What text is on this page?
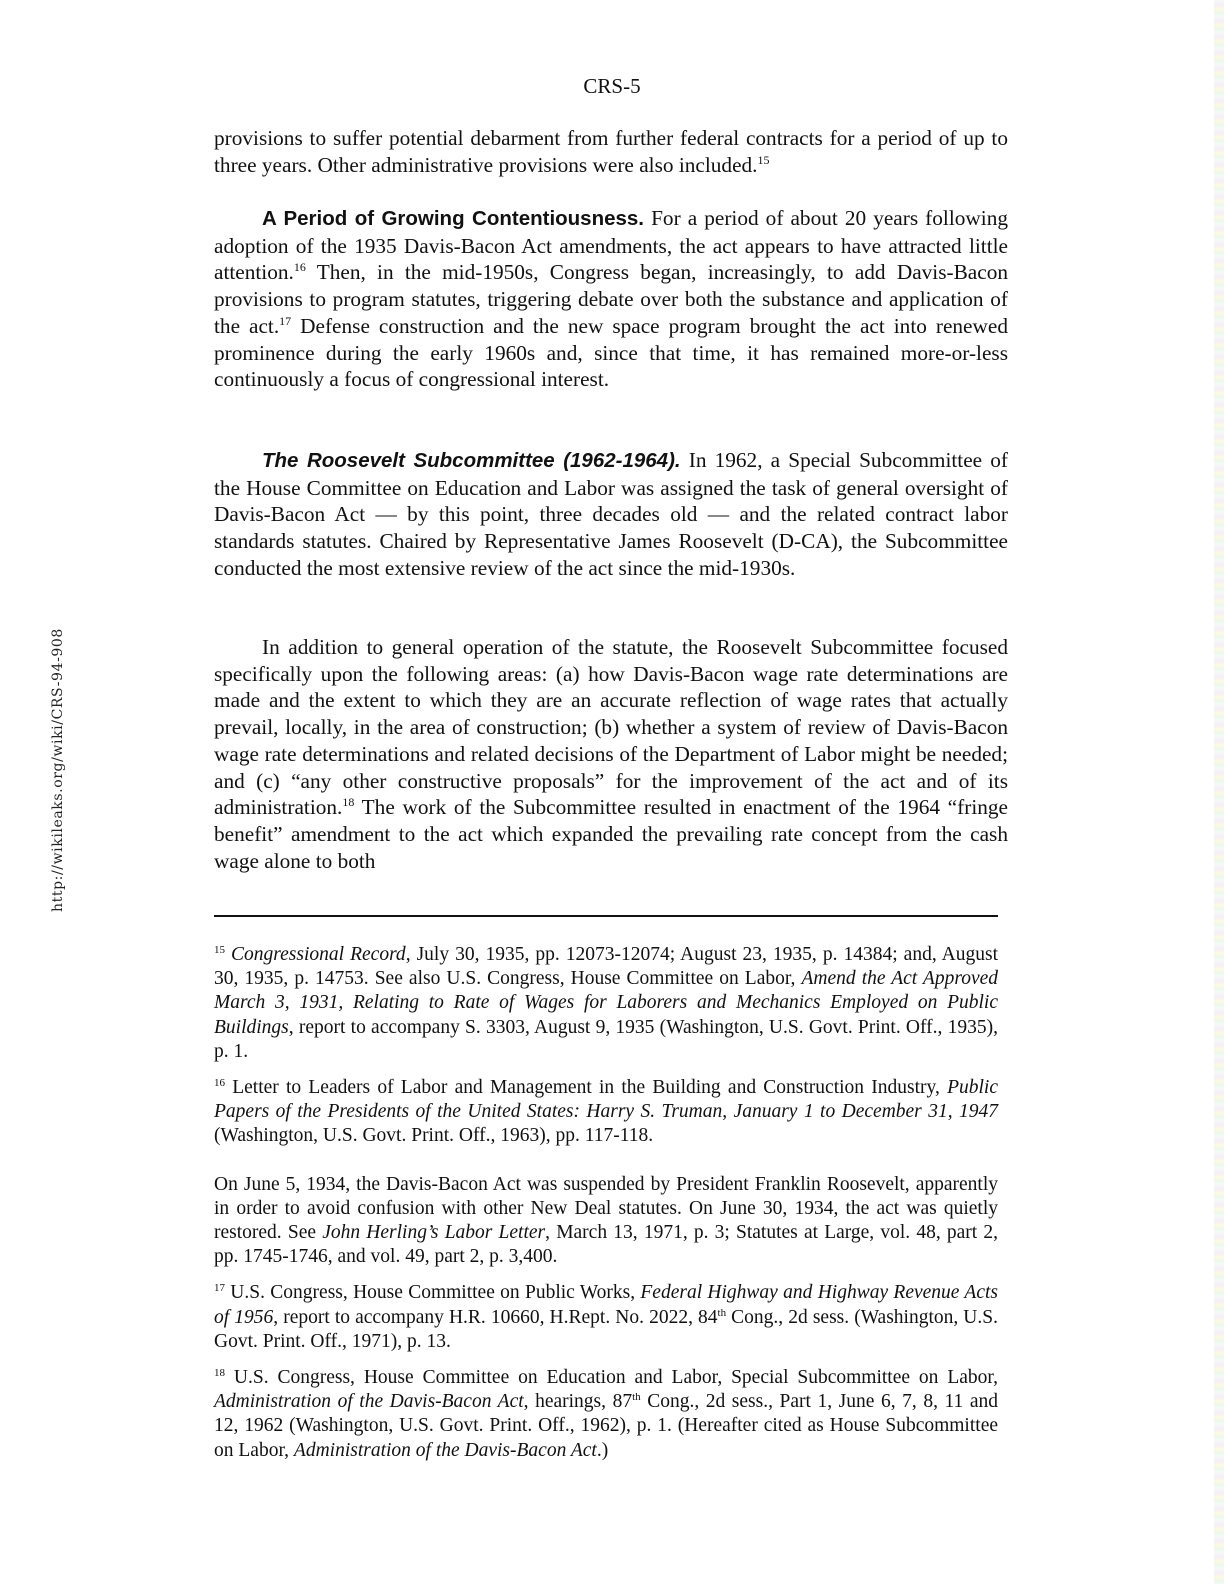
http://wikileaks.org/wiki/CRS-94-908
CRS-5

provisions to suffer potential debarment from further federal contracts for a period of up to three years. Other administrative provisions were also included.$^{15}$

A Period of Growing Contentiousness. For a period of about 20 years following adoption of the 1935 Davis-Bacon Act amendments, the act appears to have attracted little attention.$^{16}$ Then, in the mid-1950s, Congress began, increasingly, to add Davis-Bacon provisions to program statutes, triggering debate over both the substance and application of the act.$^{17}$ Defense construction and the new space program brought the act into renewed prominence during the early 1960s and, since that time, it has remained more-or-less continuously a focus of congressional interest.

The Roosevelt Subcommittee (1962-1964). In 1962, a Special Subcommittee of the House Committee on Education and Labor was assigned the task of general oversight of Davis-Bacon Act — by this point, three decades old — and the related contract labor standards statutes. Chaired by Representative James Roosevelt (D-CA), the Subcommittee conducted the most extensive review of the act since the mid-1930s.

In addition to general operation of the statute, the Roosevelt Subcommittee focused specifically upon the following areas: (a) how Davis-Bacon wage rate determinations are made and the extent to which they are an accurate reflection of wage rates that actually prevail, locally, in the area of construction; (b) whether a system of review of Davis-Bacon wage rate determinations and related decisions of the Department of Labor might be needed; and (c) “any other constructive proposals” for the improvement of the act and of its administration.$^{18}$ The work of the Subcommittee resulted in enactment of the 1964 “fringe benefit” amendment to the act which expanded the prevailing rate concept from the cash wage alone to both

$^{15}$ Congressional Record, July 30, 1935, pp. 12073-12074; August 23, 1935, p. 14384; and, August 30, 1935, p. 14753. See also U.S. Congress, House Committee on Labor, Amend the Act Approved March 3, 1931, Relating to Rate of Wages for Laborers and Mechanics Employed on Public Buildings, report to accompany S. 3303, August 9, 1935 (Washington, U.S. Govt. Print. Off., 1935), p. 1.

$^{16}$ Letter to Leaders of Labor and Management in the Building and Construction Industry, Public Papers of the Presidents of the United States: Harry S. Truman, January 1 to December 31, 1947 (Washington, U.S. Govt. Print. Off., 1963), pp. 117-118.

On June 5, 1934, the Davis-Bacon Act was suspended by President Franklin Roosevelt, apparently in order to avoid confusion with other New Deal statutes. On June 30, 1934, the act was quietly restored. See John Herling’s Labor Letter, March 13, 1971, p. 3; Statutes at Large, vol. 48, part 2, pp. 1745-1746, and vol. 49, part 2, p. 3,400.

$^{17}$ U.S. Congress, House Committee on Public Works, Federal Highway and Highway Revenue Acts of 1956, report to accompany H.R. 10660, H.Rept. No. 2022, 84th Cong., 2d sess. (Washington, U.S. Govt. Print. Off., 1971), p. 13.

$^{18}$ U.S. Congress, House Committee on Education and Labor, Special Subcommittee on Labor, Administration of the Davis-Bacon Act, hearings, 87th Cong., 2d sess., Part 1, June 6, 7, 8, 11 and 12, 1962 (Washington, U.S. Govt. Print. Off., 1962), p. 1. (Hereafter cited as House Subcommittee on Labor, Administration of the Davis-Bacon Act.)
